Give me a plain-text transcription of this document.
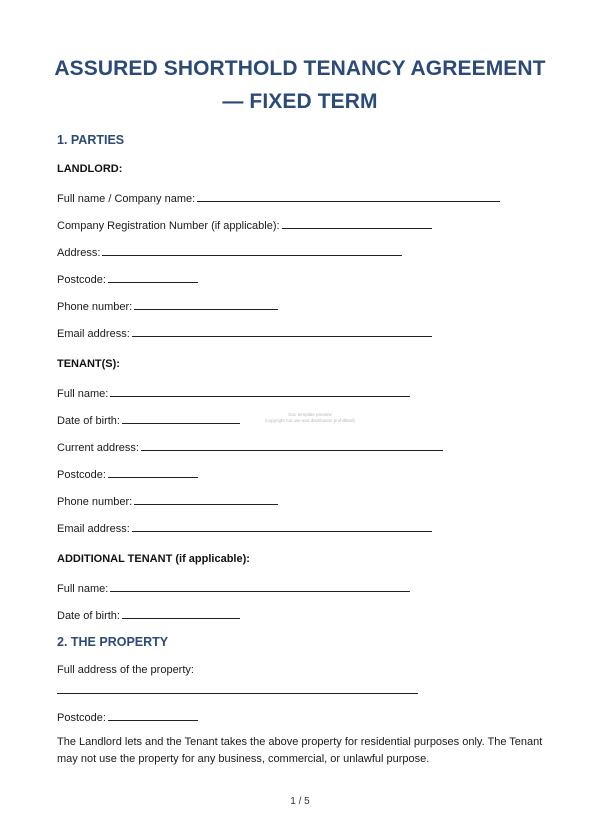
ASSURED SHORTHOLD TENANCY AGREEMENT
— FIXED TERM
1. PARTIES
LANDLORD:
Full name / Company name:
Company Registration Number (if applicable):
Address:
Postcode:
Phone number:
Email address:
TENANT(S):
Full name:
Date of birth:
Current address:
Postcode:
Phone number:
Email address:
ADDITIONAL TENANT (if applicable):
Full name:
Date of birth:
2. THE PROPERTY
Full address of the property:
Postcode:
The Landlord lets and the Tenant takes the above property for residential purposes only. The Tenant may not use the property for any business, commercial, or unlawful purpose.
Doc template preview
(copyright not use and distribution prohibited)
1 / 5
